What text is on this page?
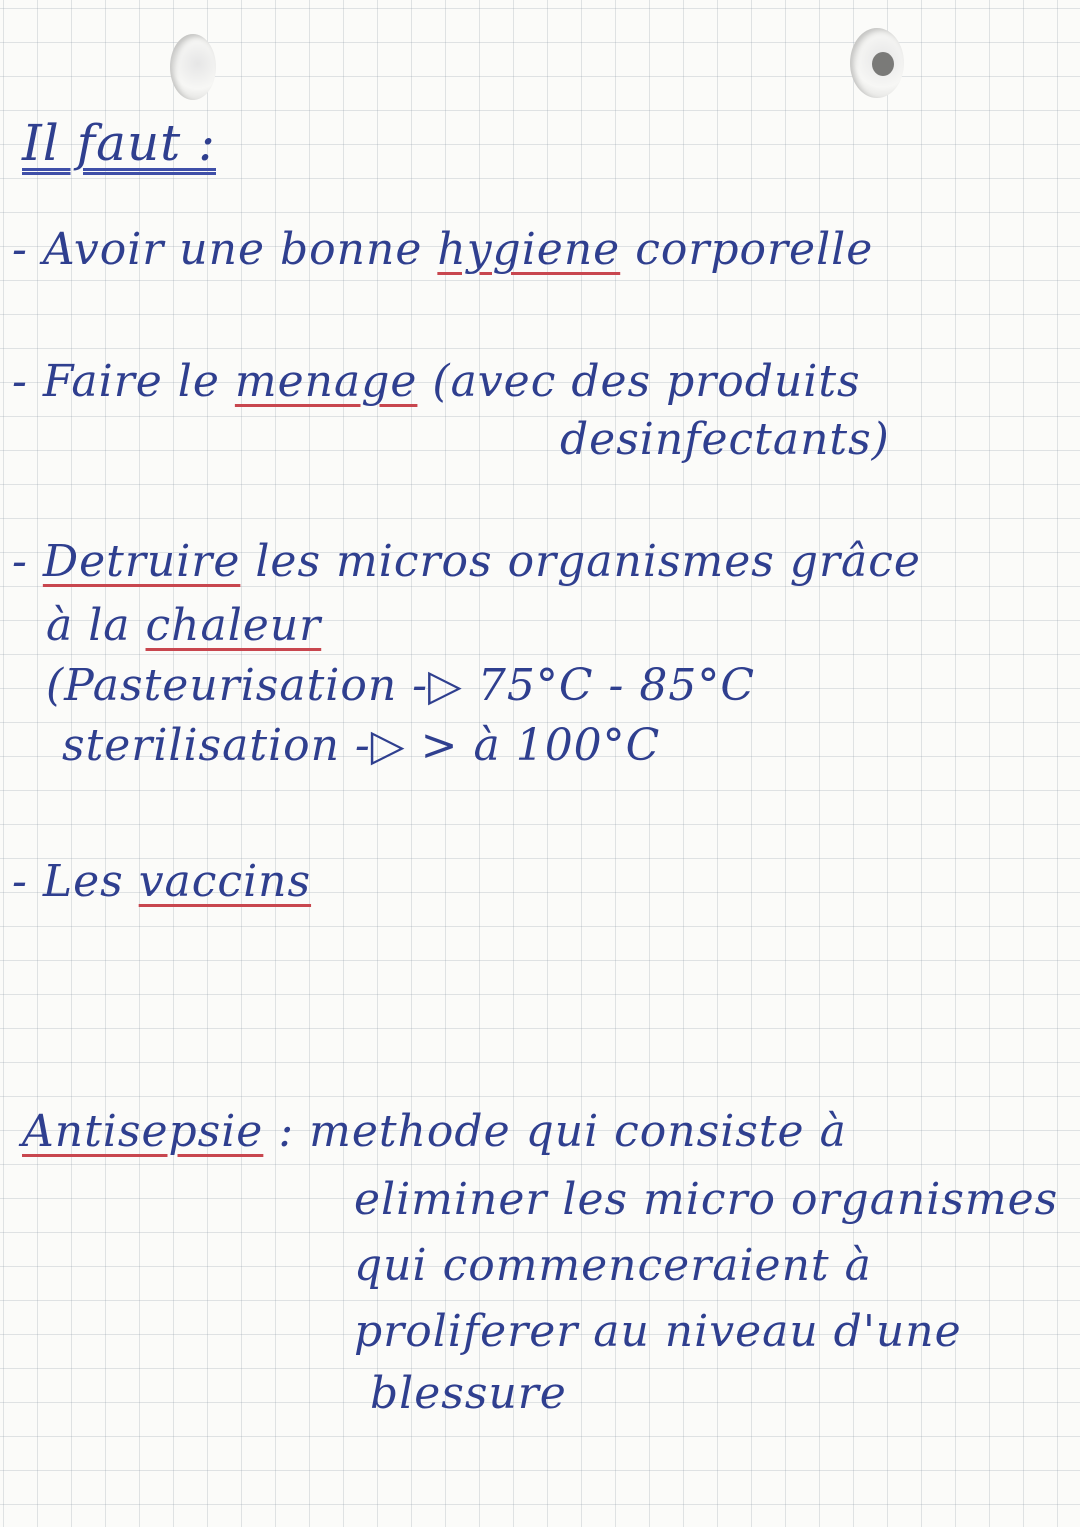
Il faut :
- Avoir une bonne hygiene corporelle
- Faire le menage (avec des produits
desinfectants)
- Detruire les micros organismes grâce
à la chaleur
(Pasteurisation -▷ 75°C - 85°C
sterilisation -▷ > à 100°C
- Les vaccins
Antisepsie : methode qui consiste à
eliminer les micro organismes
qui commenceraient à
proliferer au niveau d'une
blessure
